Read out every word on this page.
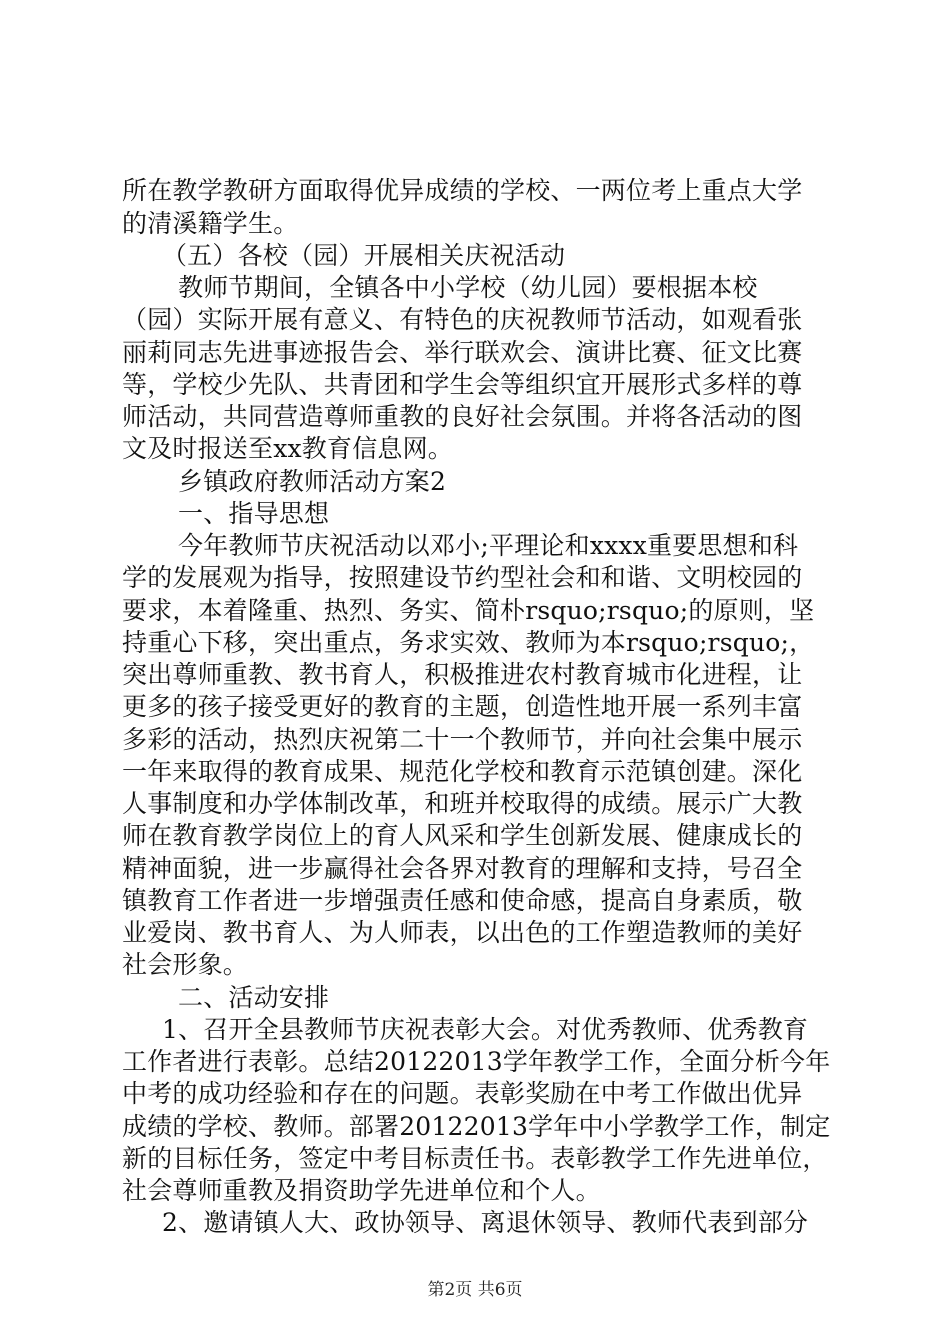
所在教学教研方面取得优异成绩的学校、一两位考上重点大学
的清溪籍学生。
（五）各校（园）开展相关庆祝活动
教师节期间，全镇各中小学校（幼儿园）要根据本校
（园）实际开展有意义、有特色的庆祝教师节活动，如观看张
丽莉同志先进事迹报告会、举行联欢会、演讲比赛、征文比赛
等，学校少先队、共青团和学生会等组织宜开展形式多样的尊
师活动，共同营造尊师重教的良好社会氛围。并将各活动的图
文及时报送至xx教育信息网。
乡镇政府教师活动方案2
一、指导思想
今年教师节庆祝活动以邓小;平理论和xxxx重要思想和科
学的发展观为指导，按照建设节约型社会和和谐、文明校园的
要求，本着隆重、热烈、务实、简朴rsquo;rsquo;的原则，坚
持重心下移，突出重点，务求实效、教师为本rsquo;rsquo;，
突出尊师重教、教书育人，积极推进农村教育城市化进程，让
更多的孩子接受更好的教育的主题，创造性地开展一系列丰富
多彩的活动，热烈庆祝第二十一个教师节，并向社会集中展示
一年来取得的教育成果、规范化学校和教育示范镇创建。深化
人事制度和办学体制改革，和班并校取得的成绩。展示广大教
师在教育教学岗位上的育人风采和学生创新发展、健康成长的
精神面貌，进一步赢得社会各界对教育的理解和支持，号召全
镇教育工作者进一步增强责任感和使命感，提高自身素质，敬
业爱岗、教书育人、为人师表，以出色的工作塑造教师的美好
社会形象。
二、活动安排
1、召开全县教师节庆祝表彰大会。对优秀教师、优秀教育
工作者进行表彰。总结20122013学年教学工作，全面分析今年
中考的成功经验和存在的问题。表彰奖励在中考工作做出优异
成绩的学校、教师。部署20122013学年中小学教学工作，制定
新的目标任务，签定中考目标责任书。表彰教学工作先进单位，
社会尊师重教及捐资助学先进单位和个人。
2、邀请镇人大、政协领导、离退休领导、教师代表到部分
第2页 共6页
